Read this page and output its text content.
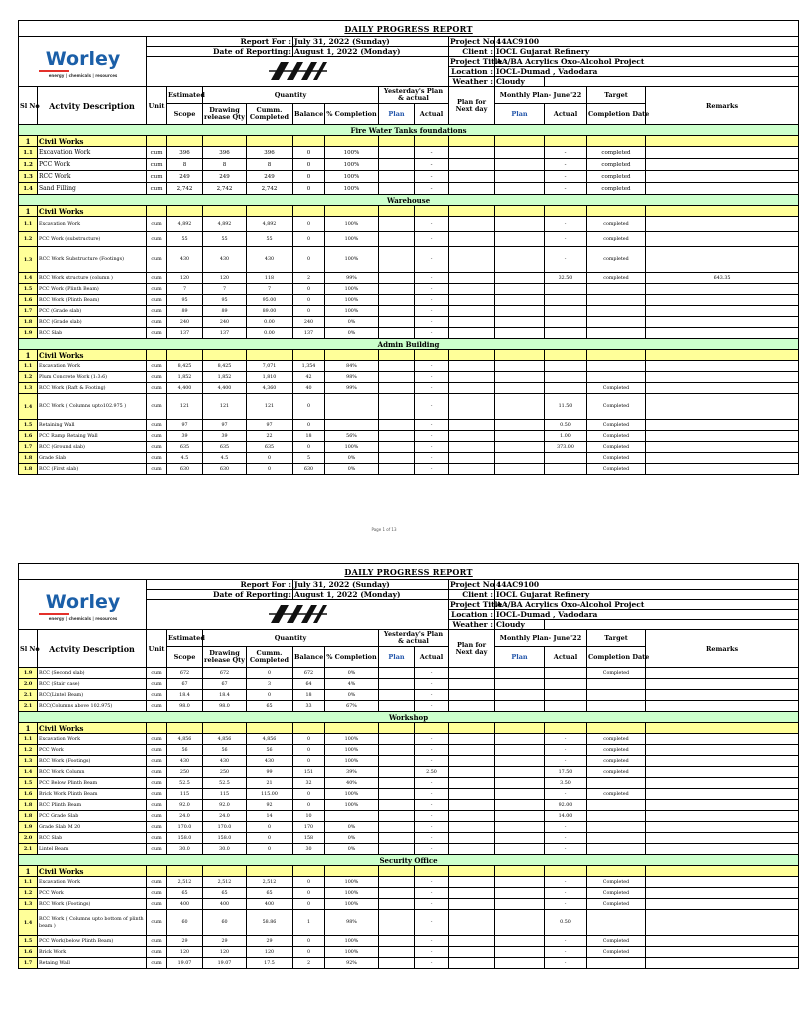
DAILY PROGRESS REPORT														

Worley
energy | chemicals | resources		Report For :				July 31, 2022 (Sunday)				Project No :	44AC9100			
		Date of Reporting:				August 1, 2022 (Monday)				Client :	IOCL Gujarat Refinery			
	Project Title :	AA/BA Acrylics Oxo-Alcohol Project			
										Location :	IOCL-Dumad , Vadodara			
										Weather :	Cloudy			
Sl No	Actvity Description	Unit	Estimated	Quantity				Yesterday's Plan & actual		Plan for Next day	Monthly Plan- June'22		Target	Remarks
			Scope	Drawing release Qty	Cumm. Completed	Balance	% Completion	Plan	Actual		Plan	Actual	Completion Date	
Fire Water Tanks foundations														
1	Civil Works													
1.1	Excavation Work	cum	396	396	396	0	100%		-			-	completed	
1.2	PCC Work	cum	8	8	8	0	100%		-			-	completed	
1.3	RCC Work	cum	249	249	249	0	100%		-			-	completed	
1.4	Sand Filling	cum	2,742	2,742	2,742	0	100%		-			-	completed	
Warehouse														
1	Civil Works													
1.1	Excavation Work	cum	4,892	4,892	4,892	0	100%		-			-	completed	
1.2	PCC Work (substructure)	cum	55	55	55	0	100%		-			-	completed	
1.3	RCC Work Substructure (Footings)	cum	430	430	430	0	100%		-			-	completed	
1.4	RCC Work structure (column )	cum	120	120	118	2	99%		-			32.50	completed	643.35
1.5	PCC Work (Plinth Beam)	cum	7	7	7	0	100%		-					
1.6	RCC Work (Plinth Beam)	cum	95	95	95.00	0	100%		-					
1.7	PCC (Grade slab)	cum	89	89	89.00	0	100%		-					
1.8	RCC (Grade slab)	cum	240	240	0.00	240	0%		-					
1.9	RCC Slab	cum	137	137	0.00	137	0%		-					
Admin Building														
1	Civil Works													
1.1	Excavation Work	cum	8,425	8,425	7,071	1,354	84%		-					
1.2	Plum Concrete Work (1:3:6)	cum	1,852	1,852	1,810	42	98%		-					
1.3	RCC Work (Raft & Footing)	cum	4,400	4,400	4,360	40	99%		-				Completed	
1.4	RCC Work ( Columns upto102.975 )	cum	121	121	121	0			-			11.50	Completed	
1.5	Retaining Wall	cum	97	97	97	0			-			0.50	Completed	
1.6	PCC Ramp Retaing Wall	cum	39	39	22	18	56%		-			1.00	Completed	
1.7	RCC (Ground slab)	cum	635	635	635	0	100%		-			373.00	Completed	
1.8	Grade Slab	cum	4.5	4.5	0	5	0%		-				Completed	
1.8	RCC (First slab)	cum	630	630	0	630	0%		-				Completed	
Page 1 of 13
DAILY PROGRESS REPORT														

Worley
energy | chemicals | resources		Report For :				July 31, 2022 (Sunday)				Project No :	44AC9100			
		Date of Reporting:				August 1, 2022 (Monday)				Client :	IOCL Gujarat Refinery			
	Project Title :	AA/BA Acrylics Oxo-Alcohol Project			
										Location :	IOCL-Dumad , Vadodara			
										Weather :	Cloudy			
Sl No	Actvity Description	Unit	Estimated	Quantity				Yesterday's Plan & actual		Plan for Next day	Monthly Plan- June'22		Target	Remarks
			Scope	Drawing release Qty	Cumm. Completed	Balance	% Completion	Plan	Actual		Plan	Actual	Completion Date	
1.9	RCC (Second slab)	cum	672	672	0	672	0%		-				Completed	
2.0	RCC (Stair case)	cum	67	67	3	64	4%		-					
2.1	RCC(Lintel Beam)	cum	18.4	18.4	0	18	0%		-					
2.1	RCC(Columns above 102.975)	cum	98.0	98.0	65	33	67%		-					
Workshop														
1	Civil Works													
1.1	Excavation Work	cum	4,856	4,856	4,856	0	100%		-			-	completed	
1.2	PCC Work	cum	56	56	56	0	100%		-			-	completed	
1.3	RCC Work (Footings)	cum	430	430	430	0	100%		-			-	completed	
1.4	RCC Work Column	cum	250	250	99	151	39%		2.50			17.50	completed	
1.5	PCC Below Plinth Beam	cum	52.5	52.5	21	32	40%		-			3.50		
1.6	Brick Work Plinth Beam	cum	115	115	115.00	0	100%		-			-	completed	
1.8	RCC Plinth Beam	cum	92.0	92.0	92	0	100%		-			92.00		
1.8	PCC Grade Slab	cum	24.0	24.0	14	10			-			14.00		
1.9	Grade Slab M 20	cum	170.0	170.0	0	170	0%		-			-		
2.0	RCC Slab	cum	158.0	158.0	0	158	0%		-			-		
2.1	Lintel Beam	cum	30.0	30.0	0	30	0%		-			-		
Security Office														
1	Civil Works													
1.1	Excavation Work	cum	2,512	2,512	2,512	0	100%		-			-	Completed	
1.2	PCC Work	cum	65	65	65	0	100%		-			-	Completed	
1.3	RCC Work (Footings)	cum	400	400	400	0	100%		-			-	Completed	
1.4	RCC Work ( Columns upto bottom of plinth beam )	cum	60	60	58.86	1	98%		-			0.50		
1.5	PCC Work(below Plinth Beam)	cum	29	29	29	0	100%		-			-	Completed	
1.6	Brick Work	cum	120	120	120	0	100%		-			-	Completed	
1.7	Retaing Wall	cum	19.07	19.07	17.5	2	92%		-			-		
